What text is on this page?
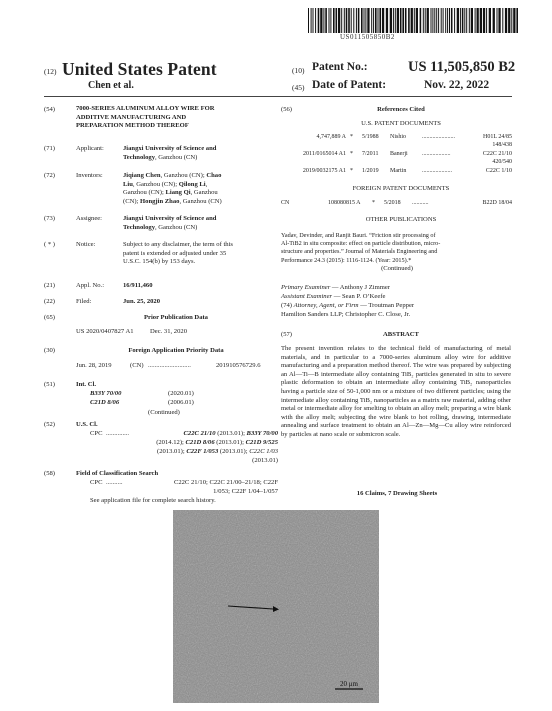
US011505850B2
(12) United States Patent
Chen et al.
(10) Patent No.:	US 11,505,850 B2
(45) Date of Patent:	Nov. 22, 2022
(54)	7000-SERIES ALUMINUM ALLOY WIRE FOR
ADDITIVE MANUFACTURING AND
PREPARATION METHOD THEREOF
(71)	Applicant:	Jiangxi University of Science and
Technology, Ganzhou (CN)
(72)	Inventors:	Jiqiang Chen, Ganzhou (CN); Chao
Liu, Ganzhou (CN); Qilong Li,
Ganzhou (CN); Liang Qi, Ganzhou
(CN); Hongjin Zhao, Ganzhou (CN)
(73)	Assignee:	Jiangxi University of Science and
Technology, Ganzhou (CN)
( * )	Notice:	Subject to any disclaimer, the term of this
patent is extended or adjusted under 35
U.S.C. 154(b) by 153 days.
(21)	Appl. No.:	16/911,460
(22)	Filed:	Jun. 25, 2020
(65)	Prior Publication Data
US 2020/0407827 A1 Dec. 31, 2020
(30)	Foreign Application Priority Data
Jun. 28, 2019	(CN) ..........................	201910576729.6
(51)	Int. Cl.
B33Y 70/00	(2020.01)
C21D 8/06	(2006.01)
(Continued)
(52)	U.S. Cl.
CPC ..............	C22C 21/10 (2013.01); B33Y 70/00
(2014.12); C21D 8/06 (2013.01); C21D 9/525
(2013.01); C22F 1/053 (2013.01); C22C 1/03
(2013.01)
(58)	Field of Classification Search
CPC ..........	C22C 21/10; C22C 21/00–21/18; C22F
1/053; C22F 1/04–1/057
See application file for complete search history.
(56)	References Cited
U.S. PATENT DOCUMENTS
4,747,889 A * 5/1988 Nishio	......................	H01L 24/85
148/438
2011/0165014 A1 * 7/2011 Banerji ...................	C22C 21/10
420/540
2019/0032175 A1 * 1/2019 Martin	....................	C22C 1/10
FOREIGN PATENT DOCUMENTS
CN	108080815 A * 5/2018 ...........	B22D 18/04
OTHER PUBLICATIONS
Yadav, Devinder, and Ranjit Bauri. “Friction stir processing of
Al-TiB2 in situ composite: effect on particle distribution, micro-
structure and properties.” Journal of Materials Engineering and
Performance 24.3 (2015): 1116-1124. (Year: 2015).*
(Continued)
Primary Examiner — Anthony J Zimmer
Assistant Examiner — Sean P. O’Keefe
(74) Attorney, Agent, or Firm — Troutman Pepper
Hamilton Sanders LLP; Christopher C. Close, Jr.
(57)	ABSTRACT
The present invention relates to the technical field of manufacturing of metal materials, and in particular to a 7000-series aluminum alloy wire for additive manufacturing and a preparation method thereof. The wire was prepared by subjecting an Al—Ti—B intermediate alloy containing TiB₂ particles generated in situ to severe plastic deformation to obtain an intermediate alloy containing TiB₂ nanoparticles having a particle size of 50-1,000 nm or a mixture of two different particles; using the intermediate alloy containing TiB₂ nanoparticles as a matrix raw material, adding other metal or intermediate alloy for smelting to obtain an alloy melt; preparing a wire blank with the alloy melt; subjecting the wire blank to hot rolling, drawing, intermediate annealing and surface treatment to obtain an Al—Zn—Mg—Cu alloy wire reinforced by particles at nano scale or submicron scale.
16 Claims, 7 Drawing Sheets
20 μm
